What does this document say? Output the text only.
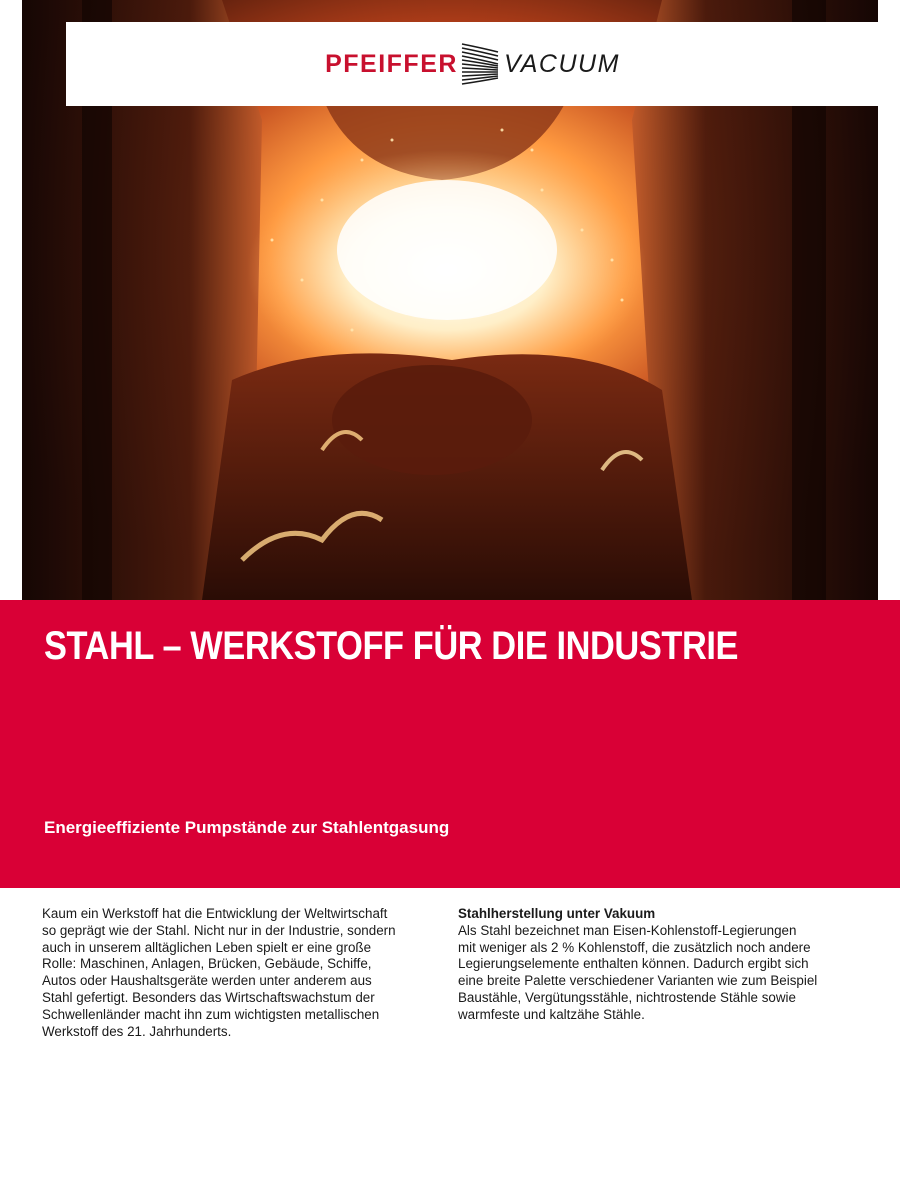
PFEIFFER VACUUM
STAHL – WERKSTOFF FÜR DIE INDUSTRIE

Energieeffiziente Pumpstände zur Stahlentgasung

Kaum ein Werkstoff hat die Entwicklung der Weltwirtschaft
so geprägt wie der Stahl. Nicht nur in der Industrie, sondern
auch in unserem alltäglichen Leben spielt er eine große
Rolle: Maschinen, Anlagen, Brücken, Gebäude, Schiffe,
Autos oder Haushaltsgeräte werden unter anderem aus
Stahl gefertigt. Besonders das Wirtschaftswachstum der
Schwellenländer macht ihn zum wichtigsten metallischen
Werkstoff des 21. Jahrhunderts.
Stahlherstellung unter Vakuum
Als Stahl bezeichnet man Eisen-Kohlenstoff-Legierungen
mit weniger als 2 % Kohlenstoff, die zusätzlich noch andere
Legierungselemente enthalten können. Dadurch ergibt sich
eine breite Palette verschiedener Varianten wie zum Beispiel
Baustähle, Vergütungsstähle, nichtrostende Stähle sowie
warmfeste und kaltzähe Stähle.
